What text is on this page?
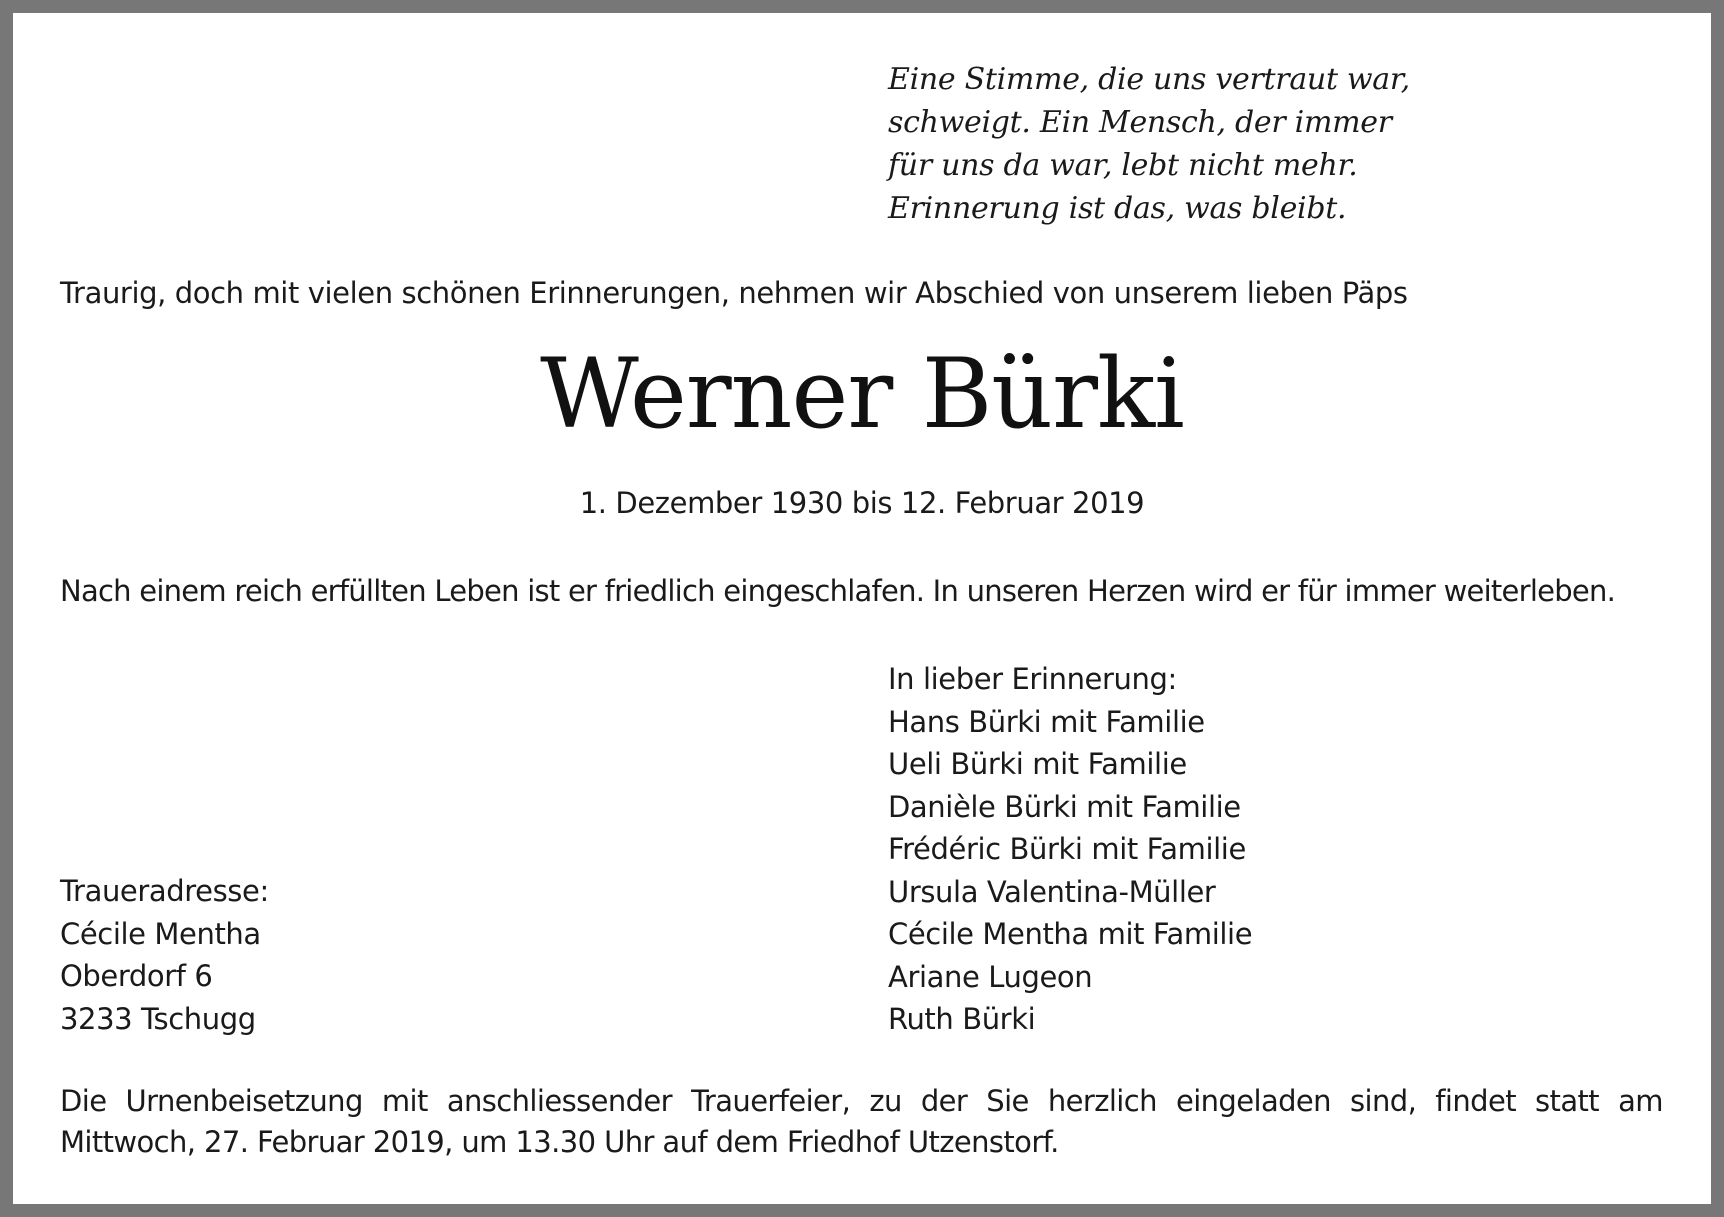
Eine Stimme, die uns vertraut war,
schweigt. Ein Mensch, der immer
für uns da war, lebt nicht mehr.
Erinnerung ist das, was bleibt.
Traurig, doch mit vielen schönen Erinnerungen, nehmen wir Abschied von unserem lieben Päps
Werner Bürki
1. Dezember 1930 bis 12. Februar 2019
Nach einem reich erfüllten Leben ist er friedlich eingeschlafen. In unseren Herzen wird er für immer weiterleben.
In lieber Erinnerung:
Hans Bürki mit Familie
Ueli Bürki mit Familie
Danièle Bürki mit Familie
Frédéric Bürki mit Familie
Ursula Valentina-Müller
Cécile Mentha mit Familie
Ariane Lugeon
Ruth Bürki
Traueradresse:
Cécile Mentha
Oberdorf 6
3233 Tschugg
Die Urnenbeisetzung mit anschliessender Trauerfeier, zu der Sie herzlich eingeladen sind, findet statt am
Mittwoch, 27. Februar 2019, um 13.30 Uhr auf dem Friedhof Utzenstorf.
